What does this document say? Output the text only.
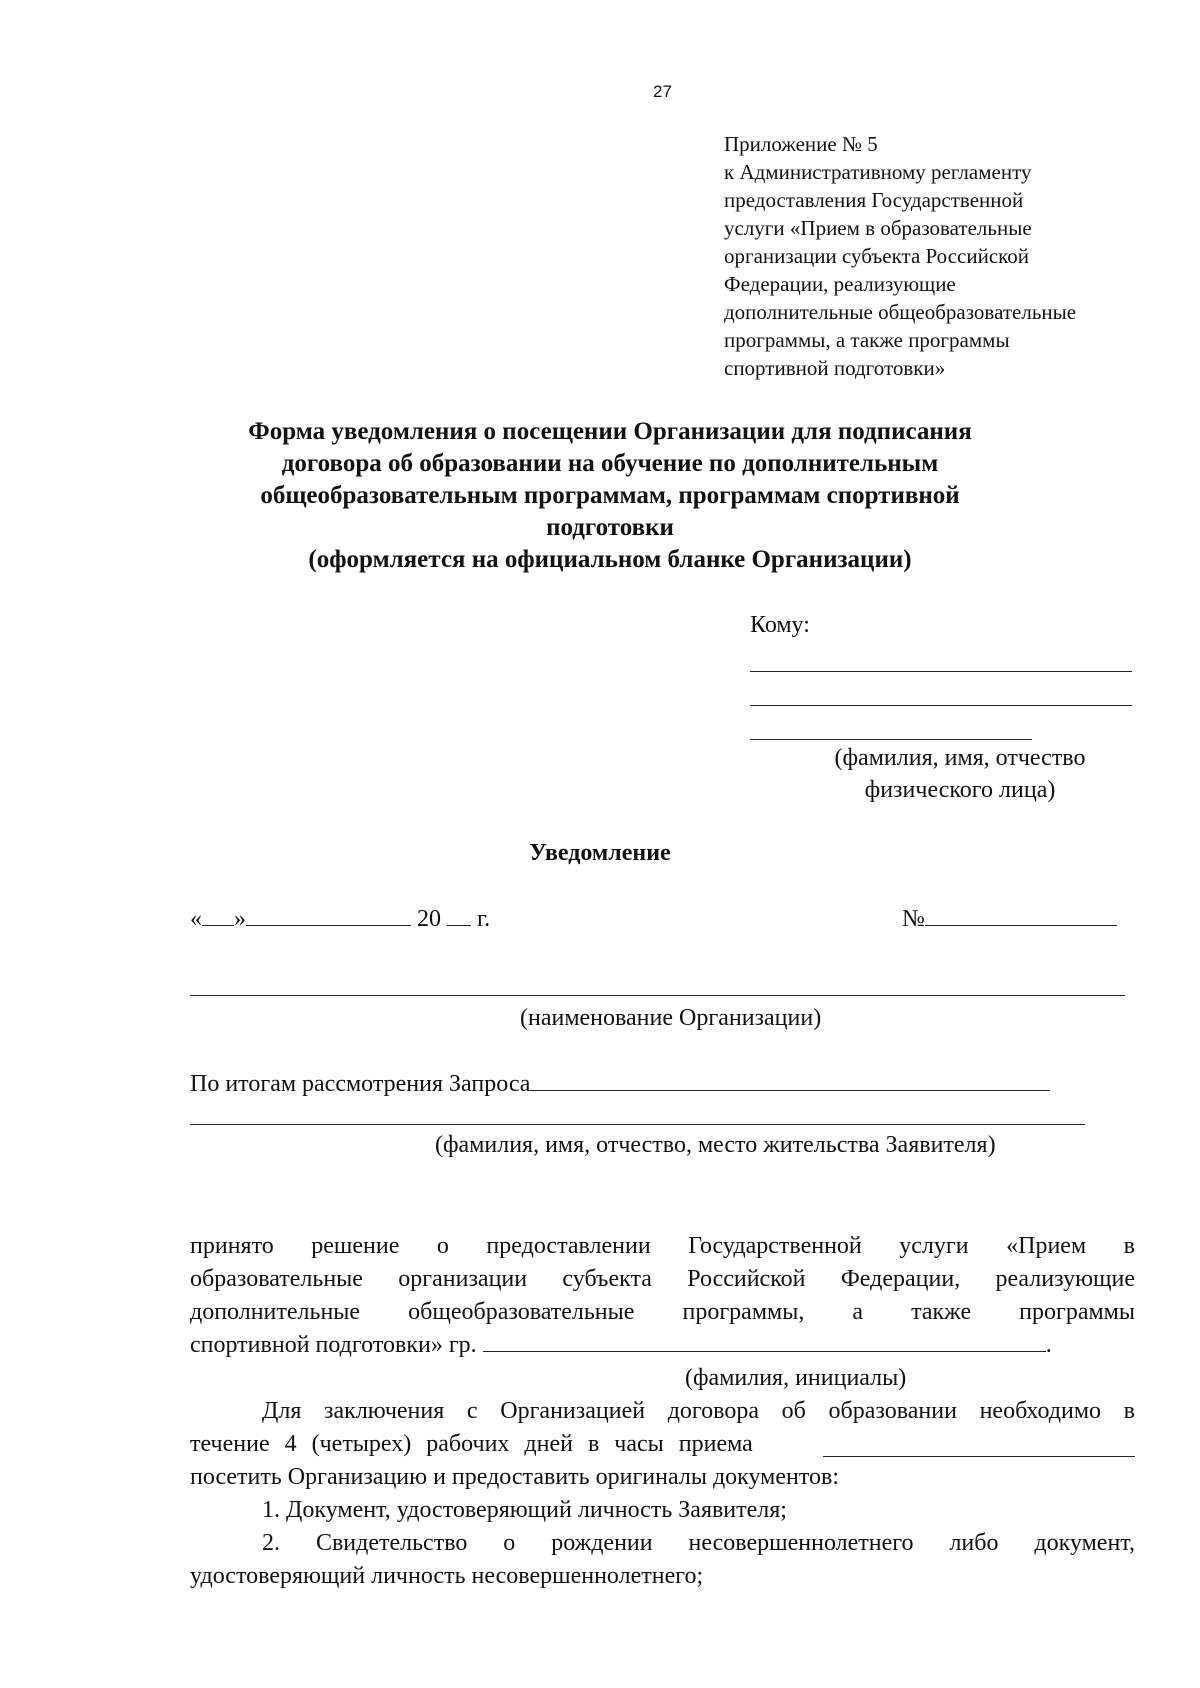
27
Приложение № 5
к Административному регламенту
предоставления Государственной
услуги «Прием в образовательные
организации субъекта Российской
Федерации, реализующие
дополнительные общеобразовательные
программы, а также программы
спортивной подготовки»
Форма уведомления о посещении Организации для подписания
договора об образовании на обучение по дополнительным
общеобразовательным программам, программам спортивной
подготовки
(оформляется на официальном бланке Организации)
Кому:
(фамилия, имя, отчество
физического лица)
Уведомление
« »	20 г.	№
(наименование Организации)
По итогам рассмотрения Запроса
(фамилия, имя, отчество, место жительства Заявителя)
принято решение о предоставлении Государственной услуги «Прием в
образовательные организации субъекта Российской Федерации, реализующие
дополнительные общеобразовательные программы, а также программы
спортивной подготовки» гр.	.
(фамилия, инициалы)
Для заключения с Организацией договора об образовании необходимо в
течение 4 (четырех) рабочих дней в часы приема
посетить Организацию и предоставить оригиналы документов:
1. Документ, удостоверяющий личность Заявителя;
2. Свидетельство о рождении несовершеннолетнего либо документ,
удостоверяющий личность несовершеннолетнего;
